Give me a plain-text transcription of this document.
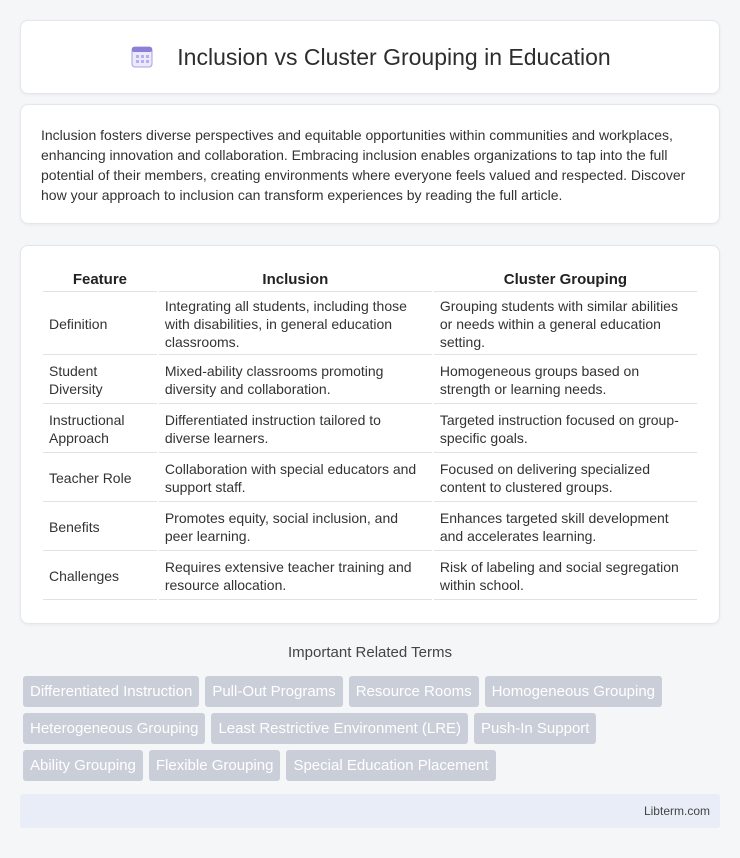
Inclusion vs Cluster Grouping in Education

Inclusion fosters diverse perspectives and equitable opportunities within communities and workplaces, enhancing innovation and collaboration. Embracing inclusion enables organizations to tap into the full potential of their members, creating environments where everyone feels valued and respected. Discover how your approach to inclusion can transform experiences by reading the full article.

Feature	Inclusion	Cluster Grouping
Definition	Integrating all students, including those with disabilities, in general education classrooms.	Grouping students with similar abilities or needs within a general education setting.
Student Diversity	Mixed-ability classrooms promoting diversity and collaboration.	Homogeneous groups based on strength or learning needs.
Instructional Approach	Differentiated instruction tailored to diverse learners.	Targeted instruction focused on group-specific goals.
Teacher Role	Collaboration with special educators and support staff.	Focused on delivering specialized content to clustered groups.
Benefits	Promotes equity, social inclusion, and peer learning.	Enhances targeted skill development and accelerates learning.
Challenges	Requires extensive teacher training and resource allocation.	Risk of labeling and social segregation within school.
Important Related Terms
Differentiated Instruction	Pull-Out Programs	Resource Rooms	Homogeneous Grouping
Heterogeneous Grouping	Least Restrictive Environment (LRE)	Push-In Support
Ability Grouping	Flexible Grouping	Special Education Placement
Libterm.com
